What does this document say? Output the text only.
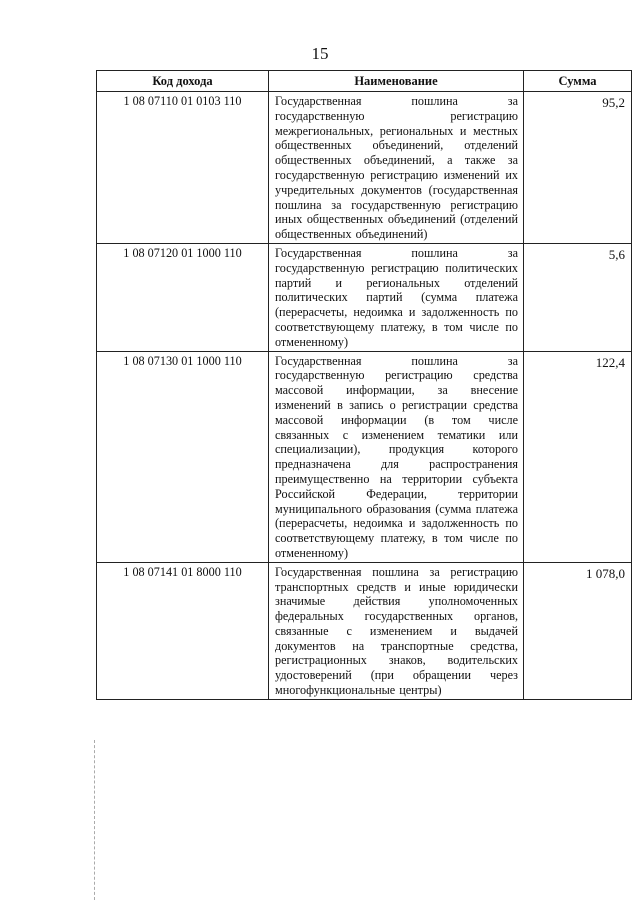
15
Код дохода	Наименование	Сумма
1 08 07110 01 0103 110	Государственная пошлина за государственную регистрацию межрегиональных, региональных и местных общественных объединений, отделений общественных объединений, а также за государственную регистрацию изменений их учредительных документов (государственная пошлина за государственную регистрацию иных общественных объединений (отделений общественных объединений)	95,2
1 08 07120 01 1000 110	Государственная пошлина за государственную регистрацию политических партий и региональных отделений политических партий (сумма платежа (перерасчеты, недоимка и задолженность по соответствующему платежу, в том числе по отмененному)	5,6
1 08 07130 01 1000 110	Государственная пошлина за государственную регистрацию средства массовой информации, за внесение изменений в запись о регистрации средства массовой информации (в том числе связанных с изменением тематики или специализации), продукция которого предназначена для распространения преимущественно на территории субъекта Российской Федерации, территории муниципального образования (сумма платежа (перерасчеты, недоимка и задолженность по соответствующему платежу, в том числе по отмененному)	122,4
1 08 07141 01 8000 110	Государственная пошлина за регистрацию транспортных средств и иные юридически значимые действия уполномоченных федеральных государственных органов, связанные с изменением и выдачей документов на транспортные средства, регистрационных знаков, водительских удостоверений (при обращении через многофункциональные центры)	1 078,0
